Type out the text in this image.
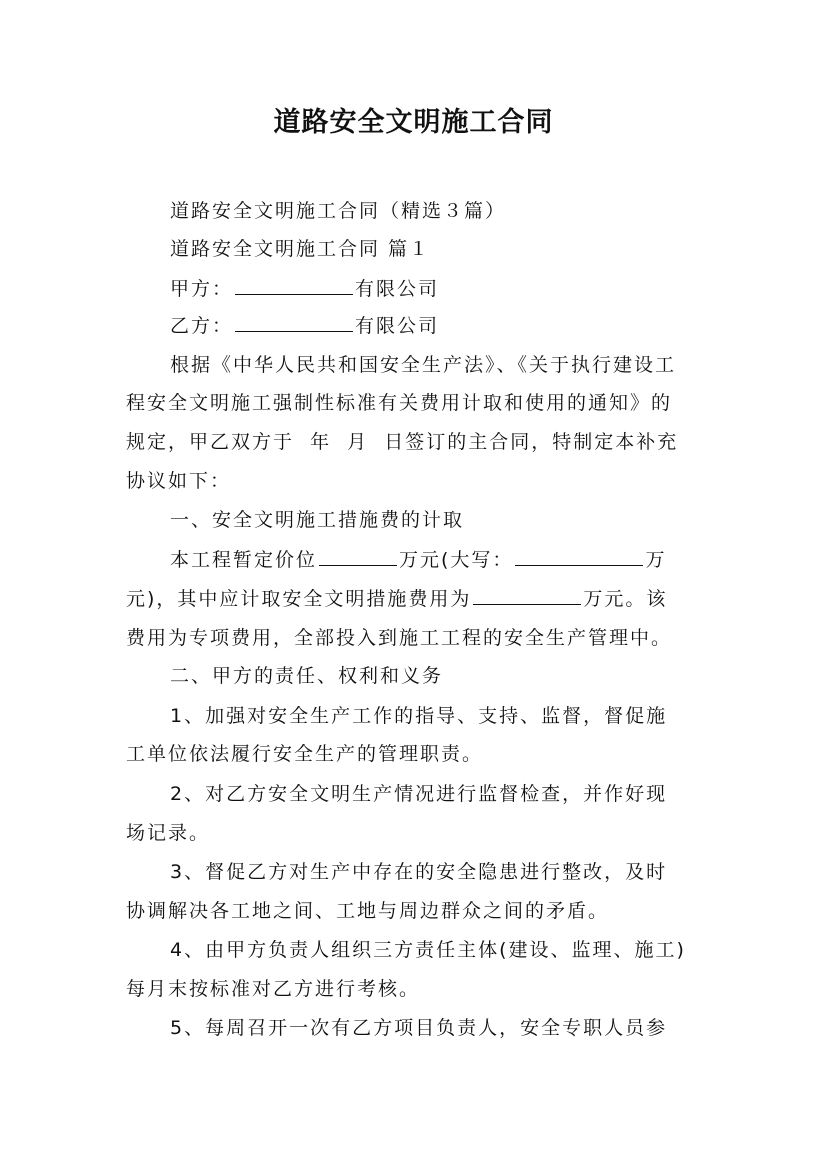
道路安全文明施工合同
道路安全文明施工合同（精选３篇）
道路安全文明施工合同 篇１
甲方：	有限公司
乙方：	有限公司
根据《中华人民共和国安全生产法》、《关于执行建设工
程安全文明施工强制性标准有关费用计取和使用的通知》的
规定，甲乙双方于  年  月  日签订的主合同，特制定本补充
协议如下：
一、安全文明施工措施费的计取
本工程暂定价位	万元(大写：	万
元)，其中应计取安全文明措施费用为	万元。该
费用为专项费用，全部投入到施工工程的安全生产管理中。
二、甲方的责任、权利和义务
1、加强对安全生产工作的指导、支持、监督，督促施
工单位依法履行安全生产的管理职责。
2、对乙方安全文明生产情况进行监督检查，并作好现
场记录。
3、督促乙方对生产中存在的安全隐患进行整改，及时
协调解决各工地之间、工地与周边群众之间的矛盾。
4、由甲方负责人组织三方责任主体(建设、监理、施工)
每月末按标准对乙方进行考核。
5、每周召开一次有乙方项目负责人，安全专职人员参
